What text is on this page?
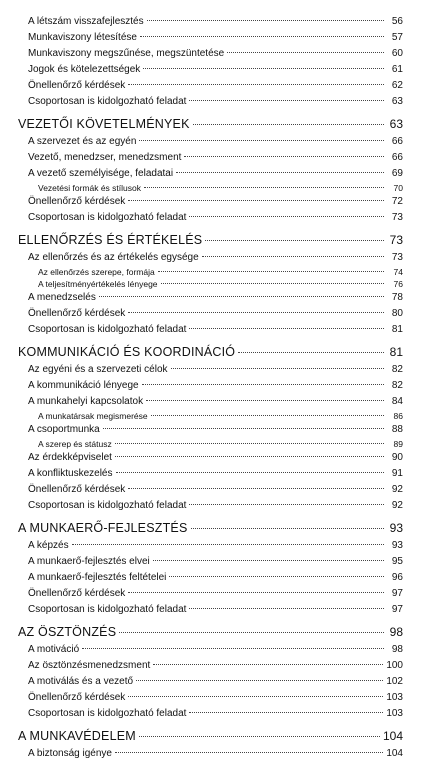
A létszám visszafejlesztés	56
Munkaviszony létesítése	57
Munkaviszony megszűnése, megszüntetése	60
Jogok és kötelezettségek	61
Önellenőrző kérdések	62
Csoportosan is kidolgozható feladat	63
VEZETŐI KÖVETELMÉNYEK	63
A szervezet és az egyén	66
Vezető, menedzser, menedzsment	66
A vezető személyisége, feladatai	69
Vezetési formák és stílusok	70
Önellenőrző kérdések	72
Csoportosan is kidolgozható feladat	73
ELLENŐRZÉS ÉS ÉRTÉKELÉS	73
Az ellenőrzés és az értékelés egysége	73
Az ellenőrzés szerepe, formája	74
A teljesítményértékelés lényege	76
A menedzselés	78
Önellenőrző kérdések	80
Csoportosan is kidolgozható feladat	81
KOMMUNIKÁCIÓ ÉS KOORDINÁCIÓ	81
Az egyéni és a szervezeti célok	82
A kommunikáció lényege	82
A munkahelyi kapcsolatok	84
A munkatársak megismerése	86
A csoportmunka	88
A szerep és státusz	89
Az érdekképviselet	90
A konfliktuskezelés	91
Önellenőrző kérdések	92
Csoportosan is kidolgozható feladat	92
A MUNKAERŐ-FEJLESZTÉS	93
A képzés	93
A munkaerő-fejlesztés elvei	95
A munkaerő-fejlesztés feltételei	96
Önellenőrző kérdések	97
Csoportosan is kidolgozható feladat	97
AZ ÖSZTÖNZÉS	98
A motiváció	98
Az ösztönzésmenedzsment	100
A motiválás és a vezető	102
Önellenőrző kérdések	103
Csoportosan is kidolgozható feladat	103
A MUNKAVÉDELEM	104
A biztonság igénye	104
